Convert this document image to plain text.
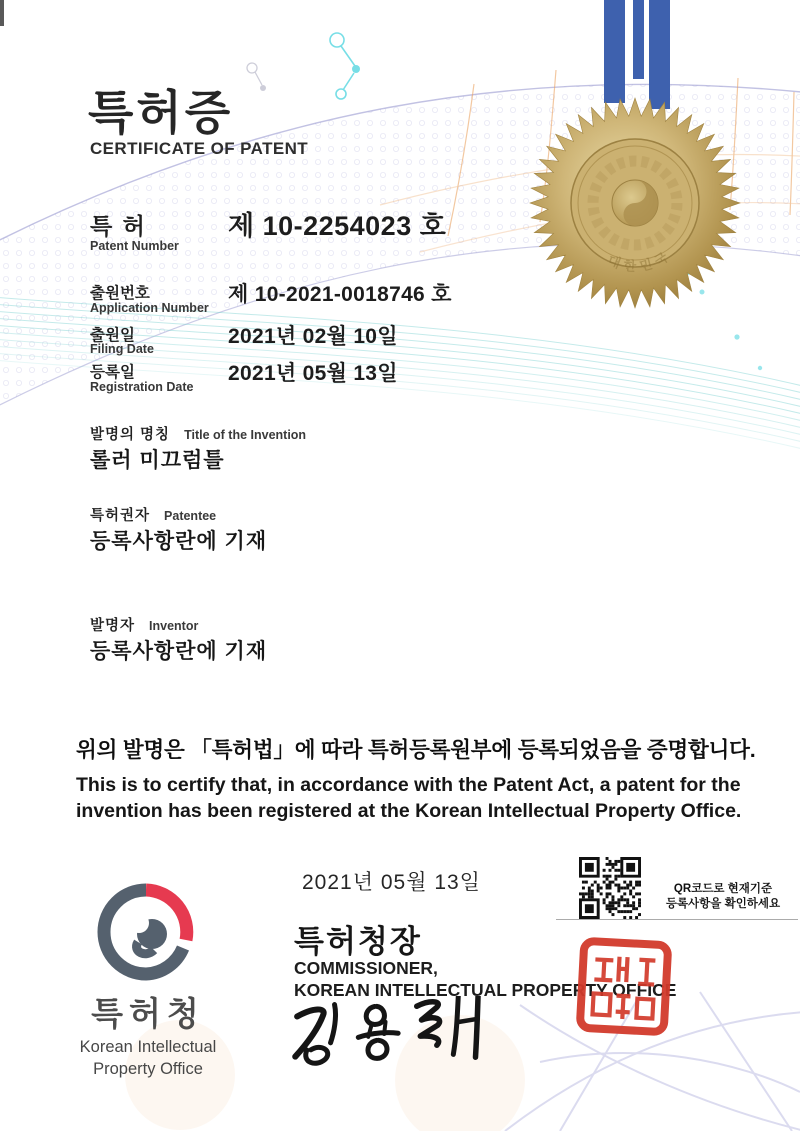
대한민국
특허증
CERTIFICATE OF PATENT
특 허
Patent Number
제 10-2254023 호
출원번호
Application Number
제 10-2021-0018746 호
출원일
Filing Date
2021년 02월 10일
등록일
Registration Date
2021년 05월 13일
발명의 명칭 Title of the Invention
롤러 미끄럼틀
특허권자 Patentee
등록사항란에 기재
발명자 Inventor
등록사항란에 기재
위의 발명은 「특허법」에 따라 특허등록원부에 등록되었음을 증명합니다.
This is to certify that, in accordance with the Patent Act, a patent for the
invention has been registered at the Korean Intellectual Property Office.
2021년 05월 13일	QR코드로 현재기준
등록사항을 확인하세요
특허청장
COMMISSIONER,
KOREAN INTELLECTUAL PROPERTY OFFICE
특허청
Korean Intellectual
Property Office
